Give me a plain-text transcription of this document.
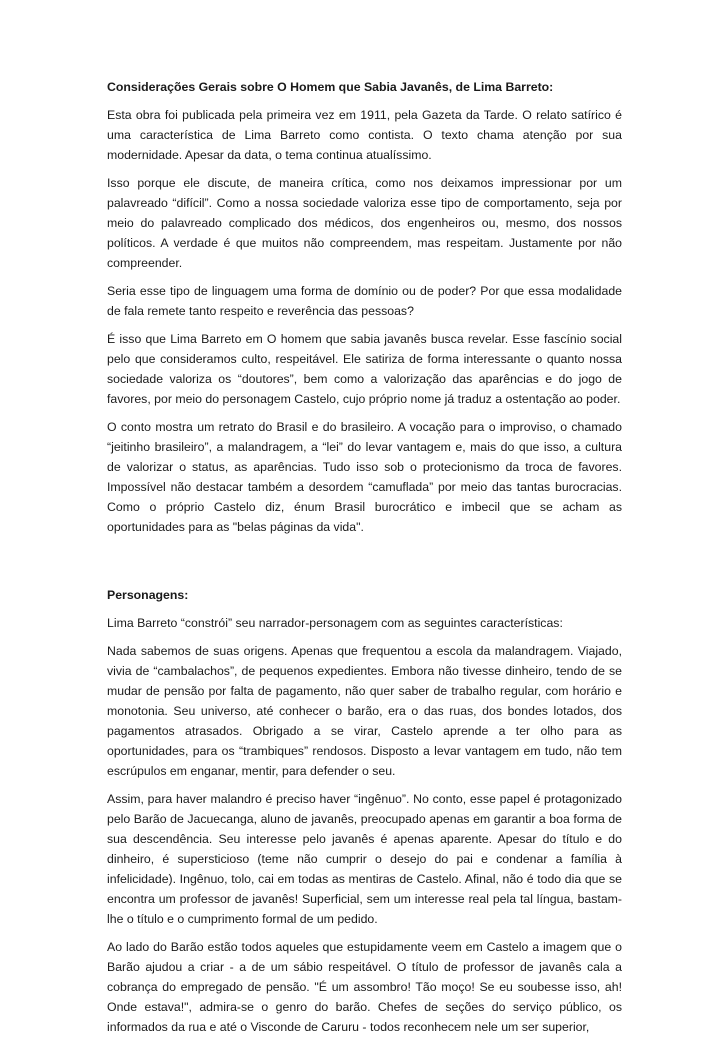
Considerações Gerais sobre O Homem que Sabia Javanês, de Lima Barreto:

Esta obra foi publicada pela primeira vez em 1911, pela Gazeta da Tarde. O relato satírico é uma característica de Lima Barreto como contista. O texto chama atenção por sua modernidade. Apesar da data, o tema continua atualíssimo.

Isso porque ele discute, de maneira crítica, como nos deixamos impressionar por um palavreado “difícil”. Como a nossa sociedade valoriza esse tipo de comportamento, seja por meio do palavreado complicado dos médicos, dos engenheiros ou, mesmo, dos nossos políticos. A verdade é que muitos não compreendem, mas respeitam. Justamente por não compreender.

Seria esse tipo de linguagem uma forma de domínio ou de poder? Por que essa modalidade de fala remete tanto respeito e reverência das pessoas?

É isso que Lima Barreto em O homem que sabia javanês busca revelar. Esse fascínio social pelo que consideramos culto, respeitável. Ele satiriza de forma interessante o quanto nossa sociedade valoriza os “doutores”, bem como a valorização das aparências e do jogo de favores, por meio do personagem Castelo, cujo próprio nome já traduz a ostentação ao poder.

O conto mostra um retrato do Brasil e do brasileiro. A vocação para o improviso, o chamado “jeitinho brasileiro”, a malandragem, a “lei” do levar vantagem e, mais do que isso, a cultura de valorizar o status, as aparências. Tudo isso sob o protecionismo da troca de favores. Impossível não destacar também a desordem “camuflada” por meio das tantas burocracias. Como o próprio Castelo diz, énum Brasil burocrático e imbecil que se acham as oportunidades para as "belas páginas da vida".

Personagens:

Lima Barreto “constrói” seu narrador-personagem com as seguintes características:

Nada sabemos de suas origens. Apenas que frequentou a escola da malandragem. Viajado, vivia de “cambalachos”, de pequenos expedientes. Embora não tivesse dinheiro, tendo de se mudar de pensão por falta de pagamento, não quer saber de trabalho regular, com horário e monotonia. Seu universo, até conhecer o barão, era o das ruas, dos bondes lotados, dos pagamentos atrasados. Obrigado a se virar, Castelo aprende a ter olho para as oportunidades, para os “trambiques” rendosos. Disposto a levar vantagem em tudo, não tem escrúpulos em enganar, mentir, para defender o seu.

Assim, para haver malandro é preciso haver “ingênuo”. No conto, esse papel é protagonizado pelo Barão de Jacuecanga, aluno de javanês, preocupado apenas em garantir a boa forma de sua descendência. Seu interesse pelo javanês é apenas aparente. Apesar do título e do dinheiro, é supersticioso (teme não cumprir o desejo do pai e condenar a família à infelicidade). Ingênuo, tolo, cai em todas as mentiras de Castelo. Afinal, não é todo dia que se encontra um professor de javanês! Superficial, sem um interesse real pela tal língua, bastam-lhe o título e o cumprimento formal de um pedido.

Ao lado do Barão estão todos aqueles que estupidamente veem em Castelo a imagem que o Barão ajudou a criar - a de um sábio respeitável. O título de professor de javanês cala a cobrança do empregado de pensão. "É um assombro! Tão moço! Se eu soubesse isso, ah! Onde estava!", admira-se o genro do barão. Chefes de seções do serviço público, os informados da rua e até o Visconde de Caruru - todos reconhecem nele um ser superior,
